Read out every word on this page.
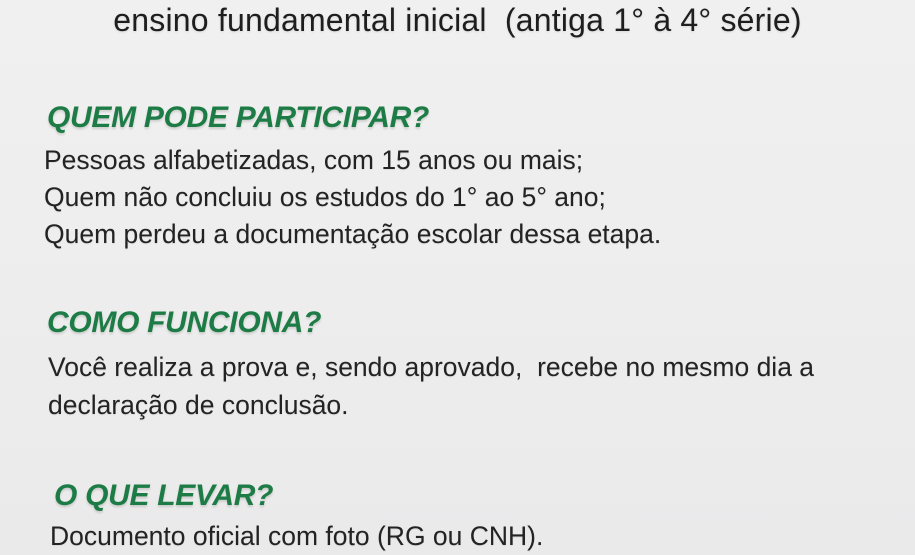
ensino fundamental inicial  (antiga 1° à 4° série)
QUEM PODE PARTICIPAR?
Pessoas alfabetizadas, com 15 anos ou mais;
Quem não concluiu os estudos do 1° ao 5° ano;
Quem perdeu a documentação escolar dessa etapa.
COMO FUNCIONA?
Você realiza a prova e, sendo aprovado,  recebe no mesmo dia a
declaração de conclusão.
O QUE LEVAR?
Documento oficial com foto (RG ou CNH).
